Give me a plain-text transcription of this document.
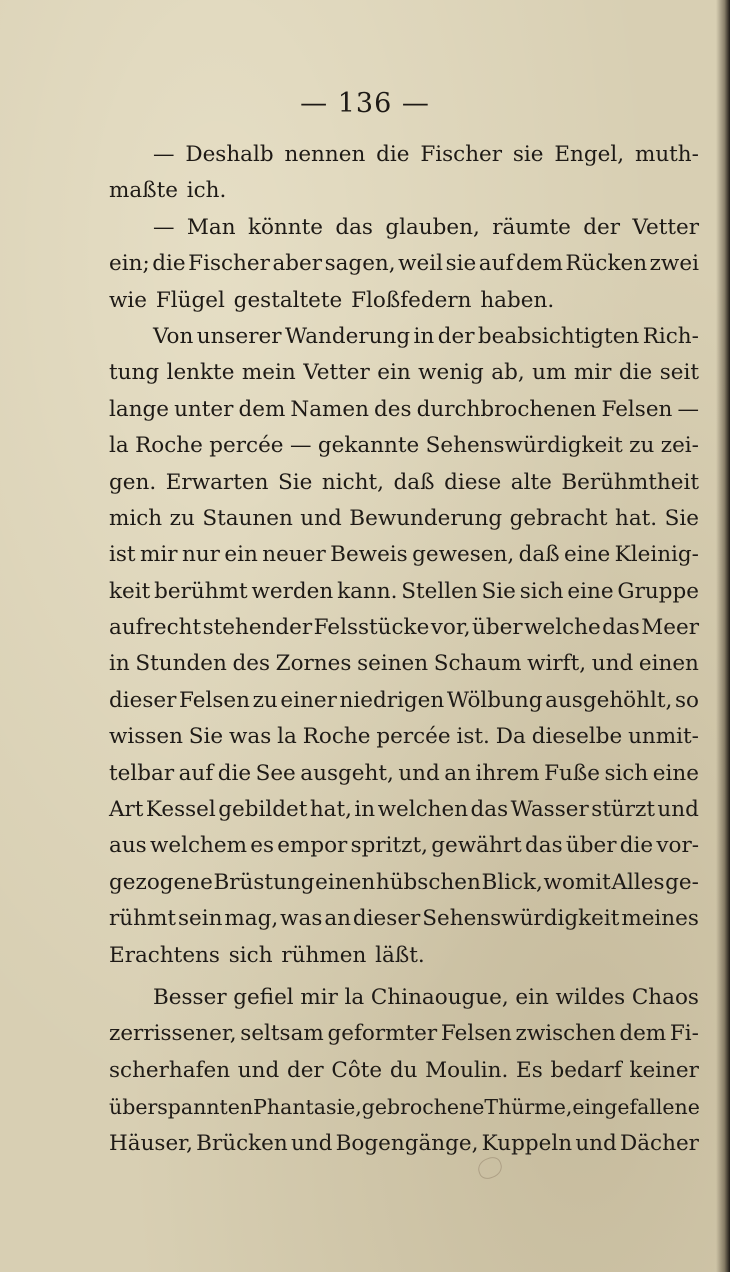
— 136 —
— Deshalb nennen die Fischer sie Engel, muth-
maßte ich.
— Man könnte das glauben, räumte der Vetter
ein; die Fischer aber sagen, weil sie auf dem Rücken zwei
wie Flügel gestaltete Floßfedern haben.
Von unserer Wanderung in der beabsichtigten Rich-
tung lenkte mein Vetter ein wenig ab, um mir die seit
lange unter dem Namen des durchbrochenen Felsen —
la Roche percée — gekannte Sehenswürdigkeit zu zei-
gen. Erwarten Sie nicht, daß diese alte Berühmtheit
mich zu Staunen und Bewunderung gebracht hat. Sie
ist mir nur ein neuer Beweis gewesen, daß eine Kleinig-
keit berühmt werden kann. Stellen Sie sich eine Gruppe
aufrecht stehender Felsstücke vor, über welche das Meer
in Stunden des Zornes seinen Schaum wirft, und einen
dieser Felsen zu einer niedrigen Wölbung ausgehöhlt, so
wissen Sie was la Roche percée ist. Da dieselbe unmit-
telbar auf die See ausgeht, und an ihrem Fuße sich eine
Art Kessel gebildet hat, in welchen das Wasser stürzt und
aus welchem es empor spritzt, gewährt das über die vor-
gezogene Brüstung einen hübschen Blick, womit Alles ge-
rühmt sein mag, was an dieser Sehenswürdigkeit meines
Erachtens sich rühmen läßt.
Besser gefiel mir la Chinaougue, ein wildes Chaos
zerrissener, seltsam geformter Felsen zwischen dem Fi-
scherhafen und der Côte du Moulin. Es bedarf keiner
überspannten Phantasie, gebrochene Thürme, eingefallene
Häuser, Brücken und Bogengänge, Kuppeln und Dächer
